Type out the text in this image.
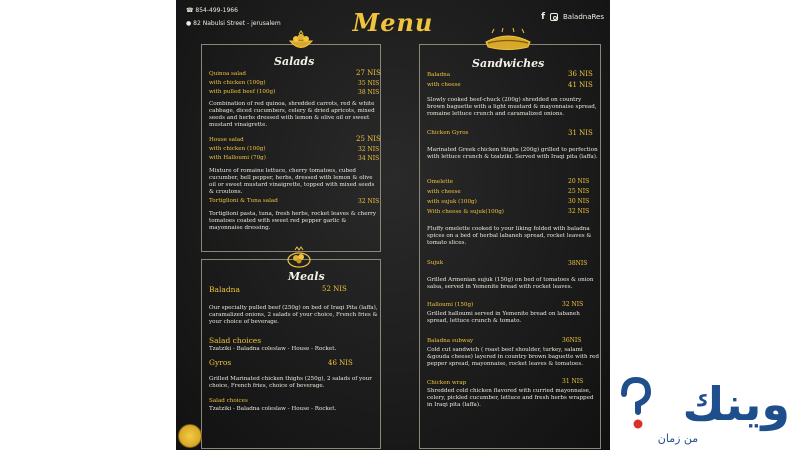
☎ 854-499-1966
● 82 Nabulsi Street - jerusalem	Menu	f	BaladnaRes
Salads
Quinoa salad	27 NIS
with chicken (100g)	35 NIS
with pulled beef (100g)	38 NIS
Combination of red quinoa, shredded carrots, red & white cabbage, diced cucumbers, celery & dried apricots, mixed seeds and herbs dressed with lemon & olive oil or sweet mustard vinaigrette.
House salad	25 NIS
with chicken (100g)	32 NIS
with Halloumi (70g)	34 NIS
Mixture of romaine lettuce, cherry tomatoes, cubed cucumber, bell pepper, herbs, dressed with lemon & olive oil or sweet mustard vinaigrette, topped with mixed seeds & croutons.
Tortiglioni & Tuna salad	32 NIS
Tortiglioni pasta, tuna, fresh herbs, rocket leaves & cherry tomatoes coated with sweet red pepper garlic & mayonnaise dressing.
Meals
Baladna	52 NIS
Our specialty pulled beef (250g) on bed of Iraqi Pita (laffa), caramalized onions, 2 salads of your choice, French fries & your choice of beverage.
Salad choices
Tzatziki - Baladna coleslaw - House - Rocket.
Gyros	46 NIS
Grilled Marinated chicken thighs (250g), 2 salads of your choice, French fries, choice of beverage.
Salad choices
Tzatziki - Baladna coleslaw - House - Rocket.
Sandwiches
Baladna	36 NIS
with cheese	41 NIS
Slowly cooked beef-chuck (200g) shredded on country brown baguette with a light mustard & mayonnaise spread, romaine lettuce crunch and caramalized onions.
Chicken Gyros	31 NIS
Marinated Greek chicken thighs (200g) grilled to perfection with lettuce crunch & tzatziki. Served with Iraqi pita (laffa).
Omelette	20 NIS
with cheese	25 NIS
with sujuk (100g)	30 NIS
With cheese & sujuk(100g)	32 NIS
Fluffy omelette cooked to your liking folded with baladna spices on a bed of herbal labaneh spread, rocket leaves & tomato slices.
Sujuk	38NIS
Grilled Armenian sujuk (150g) on bed of tomatoes & onion salsa, served in Yemenite bread with rocket leaves.
Halloumi (150g)	32 NIS
Grilled halloumi served in Yemenite bread on labaneh spread, lettuce crunch & tomato.
Baladna subway	36NIS
Cold cut sandwich ( roast beef shoulder, turkey, salami &gouda cheese) layered in country brown baguette with red pepper spread, mayonnaise, rocket leaves & tomatoes.
Chicken wrap	31 NIS
Shredded cold chicken flavored with curried mayonnaise, celery, pickled cucumber, lettuce and fresh herbs wrapped in Iraqi pita (laffa).	وينك
من زمان
